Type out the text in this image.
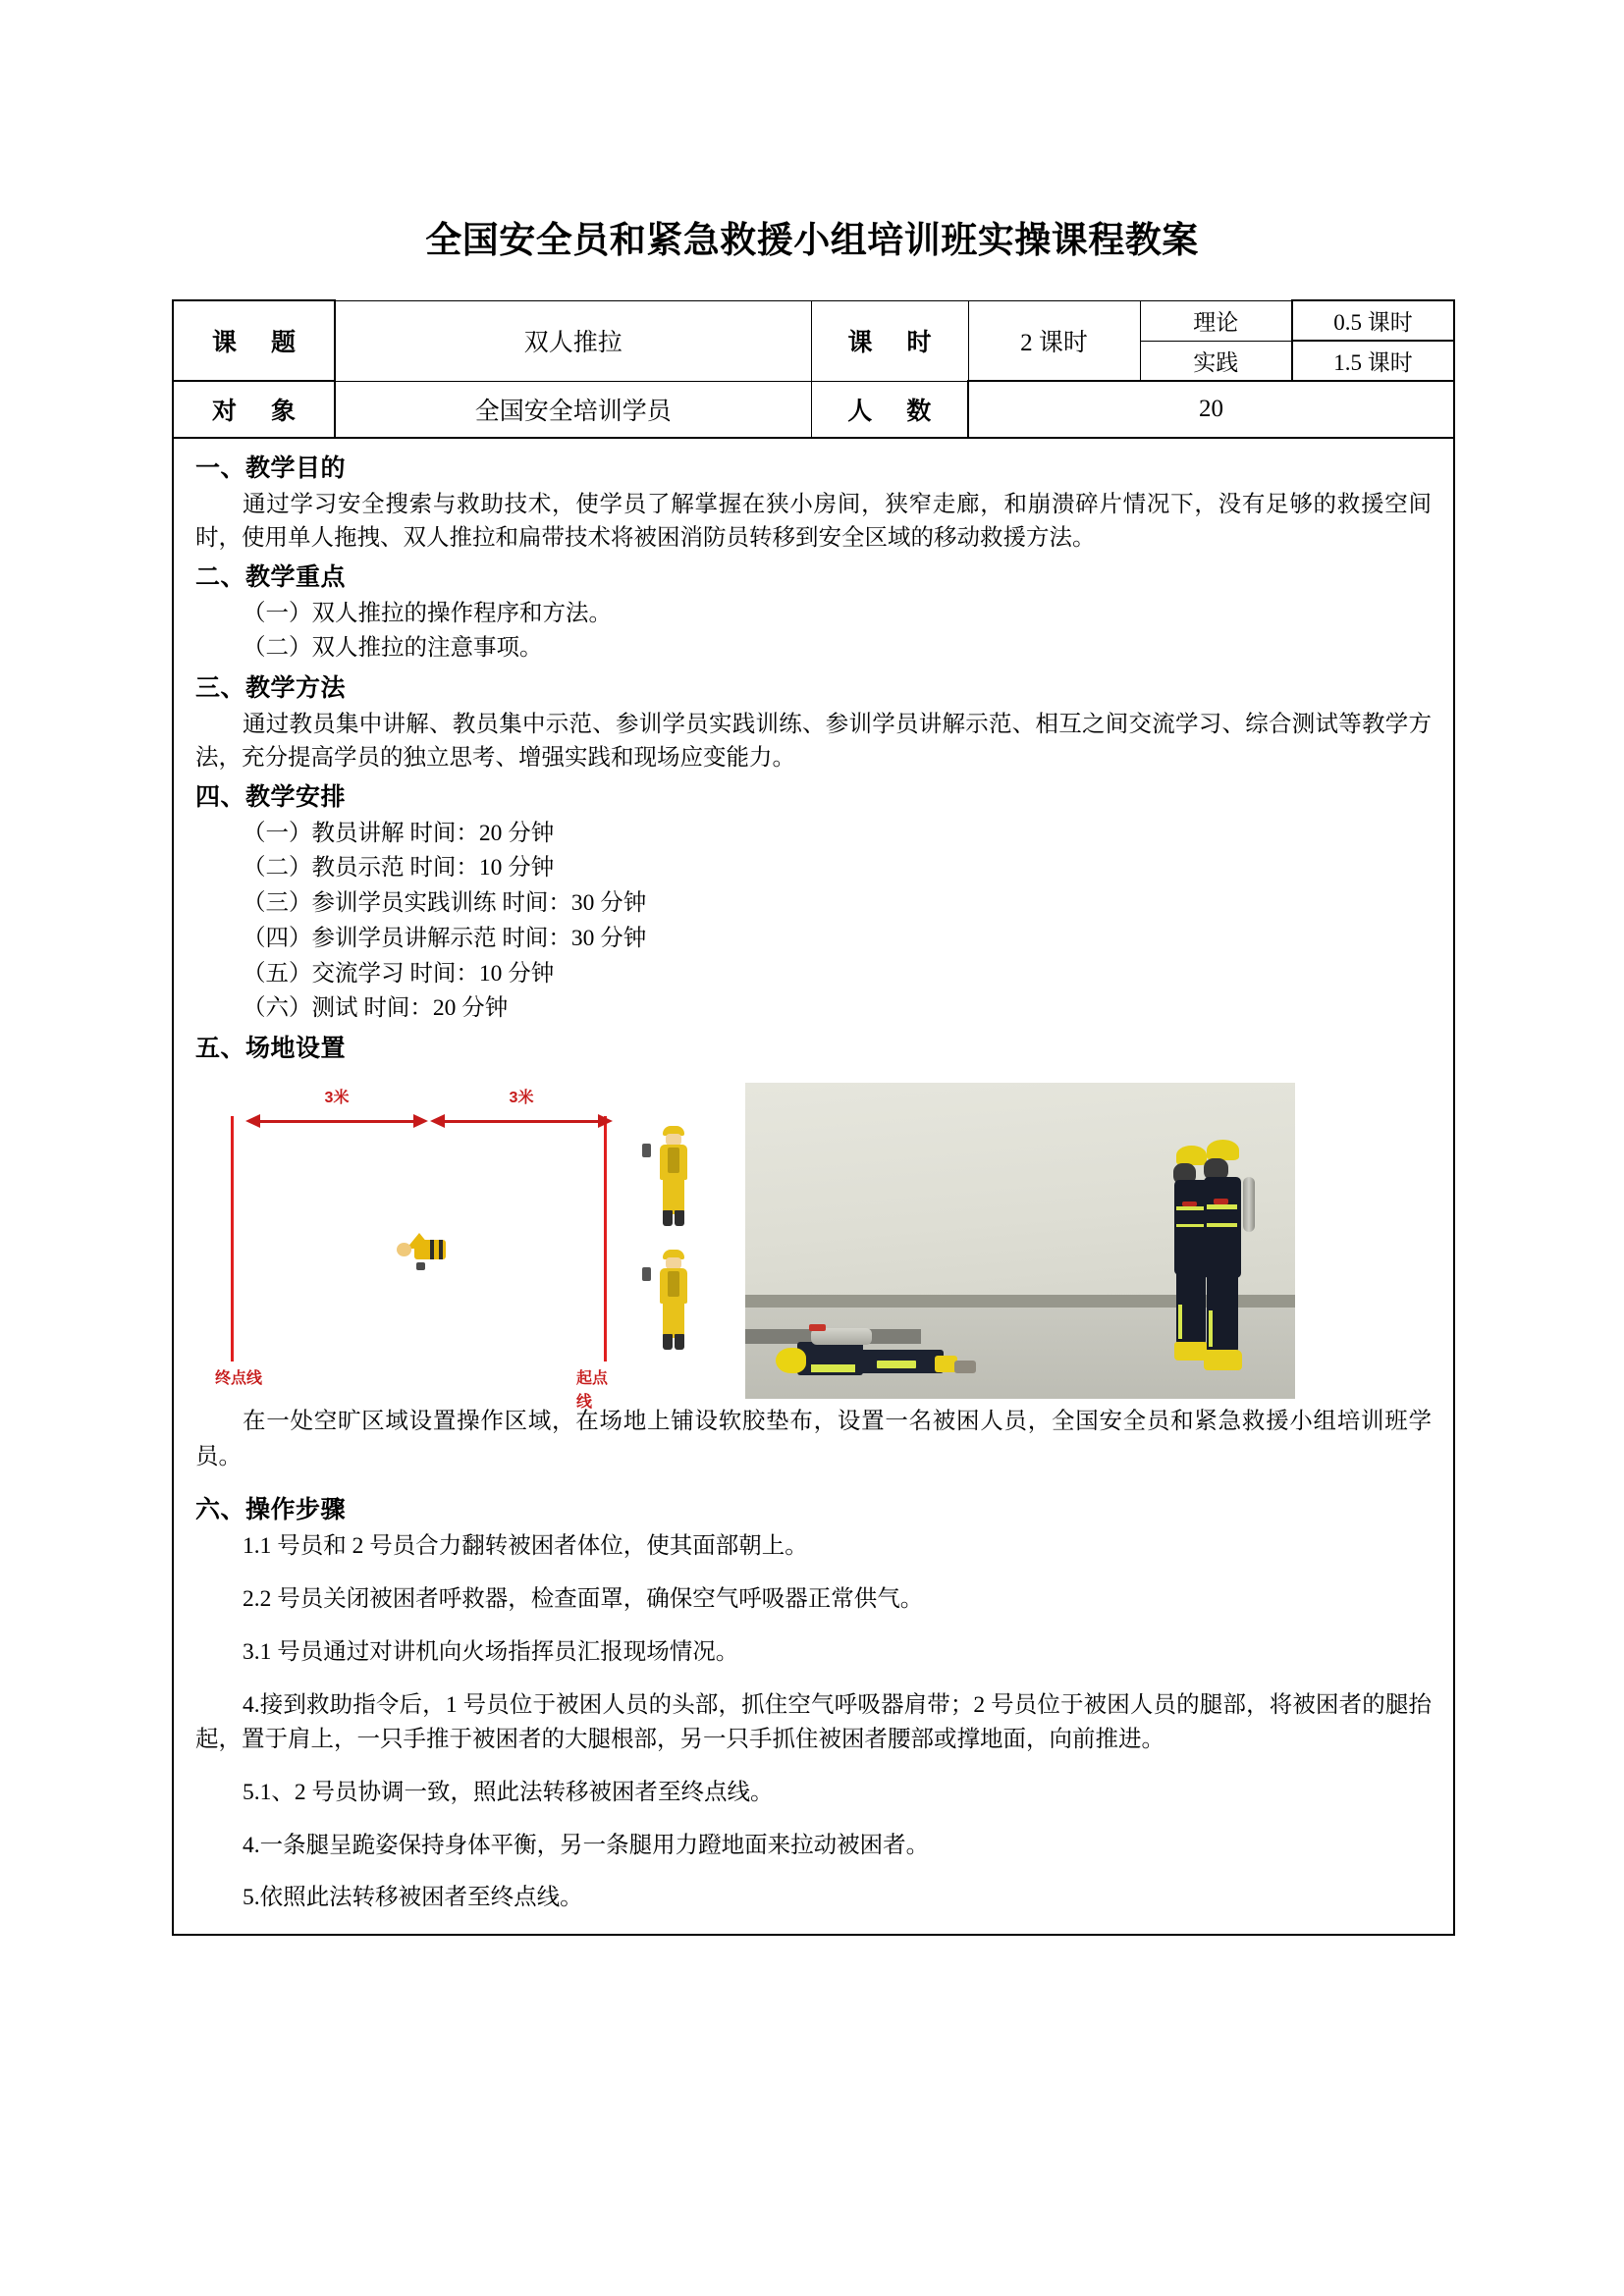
全国安全员和紧急救援小组培训班实操课程教案
课 题	双人推拉	课 时	2 课时	理论	0.5 课时
				实践	1.5 课时
对 象	全国安全培训学员	人 数	20		

一、教学目的

通过学习安全搜索与救助技术，使学员了解掌握在狭小房间，狭窄走廊，和崩溃碎片情况下，没有足够的救援空间时，使用单人拖拽、双人推拉和扁带技术将被困消防员转移到安全区域的移动救援方法。

二、教学重点

（一）双人推拉的操作程序和方法。

（二）双人推拉的注意事项。

三、教学方法

通过教员集中讲解、教员集中示范、参训学员实践训练、参训学员讲解示范、相互之间交流学习、综合测试等教学方法，充分提高学员的独立思考、增强实践和现场应变能力。

四、教学安排

（一）教员讲解 时间：20 分钟

（二）教员示范 时间：10 分钟

（三）参训学员实践训练 时间：30 分钟

（四）参训学员讲解示范 时间：30 分钟

（五）交流学习 时间：10 分钟

（六）测试 时间：20 分钟

五、场地设置
3米	3米
终点线	起点线

在一处空旷区域设置操作区域，在场地上铺设软胶垫布，设置一名被困人员，全国安全员和紧急救援小组培训班学员。

六、操作步骤

1.1 号员和 2 号员合力翻转被困者体位，使其面部朝上。

2.2 号员关闭被困者呼救器，检查面罩，确保空气呼吸器正常供气。

3.1 号员通过对讲机向火场指挥员汇报现场情况。

4.接到救助指令后，1 号员位于被困人员的头部，抓住空气呼吸器肩带；2 号员位于被困人员的腿部，将被困者的腿抬起，置于肩上，一只手推于被困者的大腿根部，另一只手抓住被困者腰部或撑地面，向前推进。

5.1、2 号员协调一致，照此法转移被困者至终点线。

4.一条腿呈跪姿保持身体平衡，另一条腿用力蹬地面来拉动被困者。

5.依照此法转移被困者至终点线。
